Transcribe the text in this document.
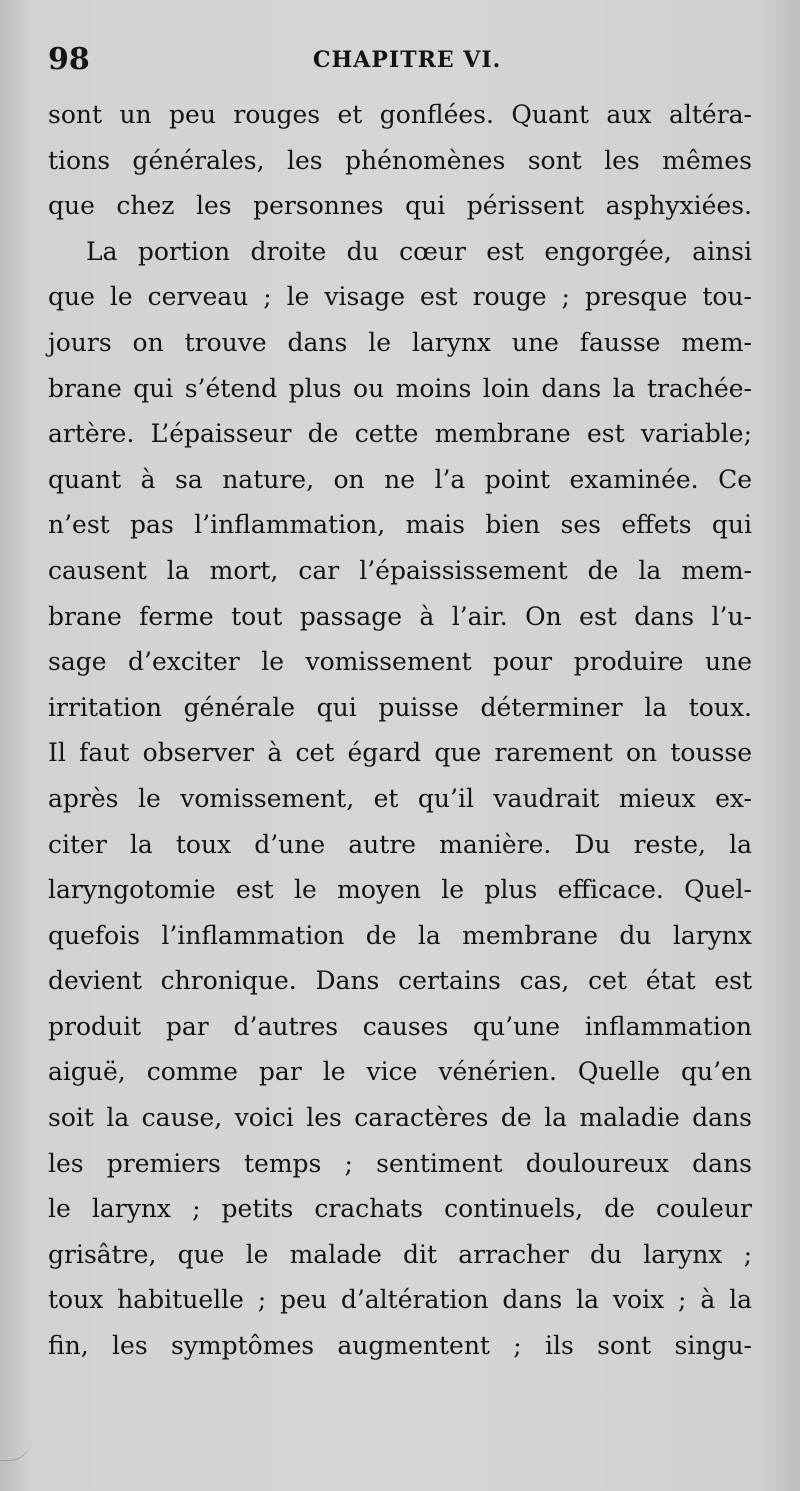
98	CHAPITRE VI.
sont un peu rouges et gonflées. Quant aux altéra-
tions générales, les phénomènes sont les mêmes
que chez les personnes qui périssent asphyxiées.
La portion droite du cœur est engorgée, ainsi
que le cerveau ; le visage est rouge ; presque tou-
jours on trouve dans le larynx une fausse mem-
brane qui s’étend plus ou moins loin dans la trachée-
artère. L’épaisseur de cette membrane est variable;
quant à sa nature, on ne l’a point examinée. Ce
n’est pas l’inflammation, mais bien ses effets qui
causent la mort, car l’épaississement de la mem-
brane ferme tout passage à l’air. On est dans l’u-
sage d’exciter le vomissement pour produire une
irritation générale qui puisse déterminer la toux.
Il faut observer à cet égard que rarement on tousse
après le vomissement, et qu’il vaudrait mieux ex-
citer la toux d’une autre manière. Du reste, la
laryngotomie est le moyen le plus efficace. Quel-
quefois l’inflammation de la membrane du larynx
devient chronique. Dans certains cas, cet état est
produit par d’autres causes qu’une inflammation
aiguë, comme par le vice vénérien. Quelle qu’en
soit la cause, voici les caractères de la maladie dans
les premiers temps ; sentiment douloureux dans
le larynx ; petits crachats continuels, de couleur
grisâtre, que le malade dit arracher du larynx ;
toux habituelle ; peu d’altération dans la voix ; à la
fin, les symptômes augmentent ; ils sont singu-
